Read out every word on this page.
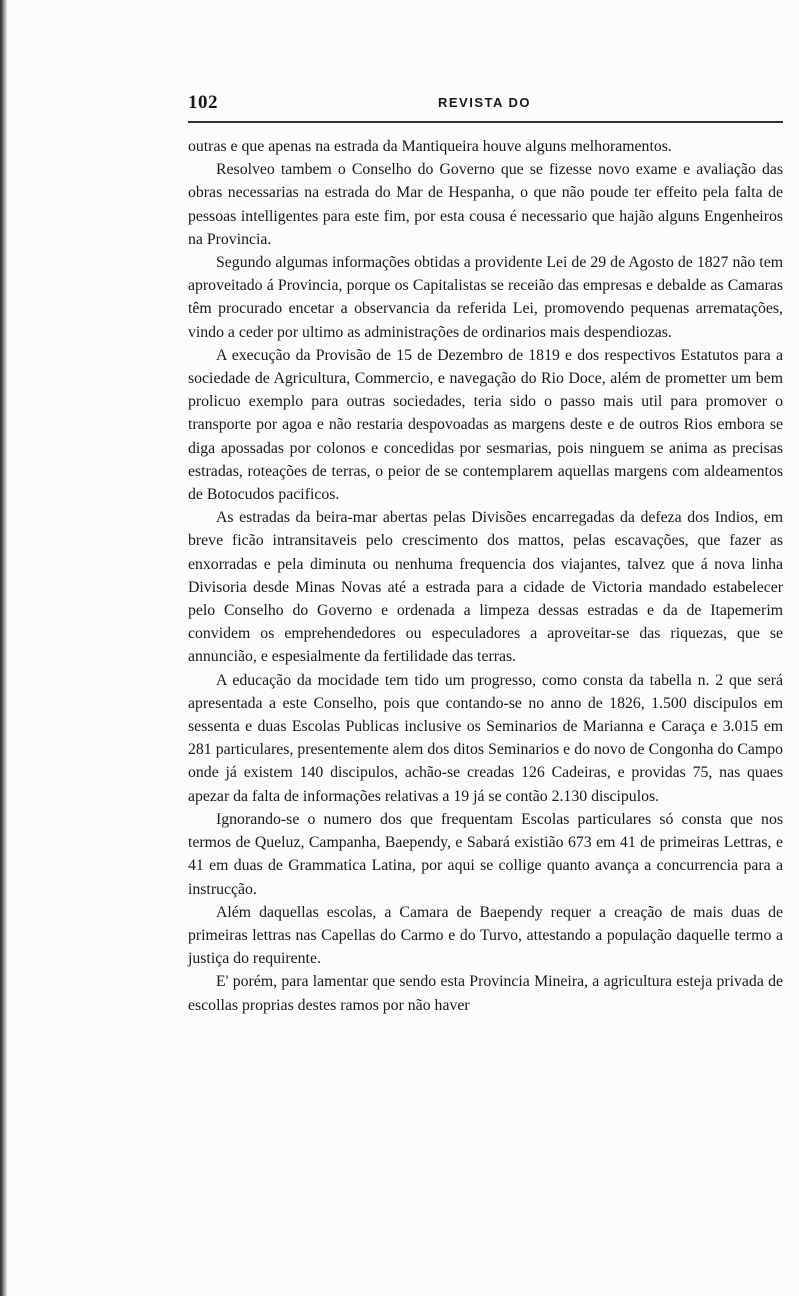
102	REVISTA DO

outras e que apenas na estrada da Mantiqueira houve alguns melhoramentos.

Resolveo tambem o Conselho do Governo que se fizesse novo exame e avaliação das obras necessarias na estrada do Mar de Hespanha, o que não poude ter effeito pela falta de pessoas intelligentes para este fim, por esta cousa é necessario que hajão alguns Engenheiros na Provincia.

Segundo algumas informações obtidas a providente Lei de 29 de Agosto de 1827 não tem aproveitado á Provincia, porque os Capitalistas se receião das empresas e debalde as Camaras têm procurado encetar a observancia da referida Lei, promovendo pequenas arrematações, vindo a ceder por ultimo as administrações de ordinarios mais despendiozas.

A execução da Provisão de 15 de Dezembro de 1819 e dos respectivos Estatutos para a sociedade de Agricultura, Commercio, e navegação do Rio Doce, além de prometter um bem prolicuo exemplo para outras sociedades, teria sido o passo mais util para promover o transporte por agoa e não restaria despovoadas as margens deste e de outros Rios embora se diga apossadas por colonos e concedidas por sesmarias, pois ninguem se anima as precisas estradas, roteações de terras, o peior de se contemplarem aquellas margens com aldeamentos de Botocudos pacificos.

As estradas da beira-mar abertas pelas Divisões encarregadas da defeza dos Indios, em breve ficão intransitaveis pelo crescimento dos mattos, pelas escavações, que fazer as enxorradas e pela diminuta ou nenhuma frequencia dos viajantes, talvez que á nova linha Divisoria desde Minas Novas até a estrada para a cidade de Victoria mandado estabelecer pelo Conselho do Governo e ordenada a limpeza dessas estradas e da de Itapemerim convidem os emprehendedores ou especuladores a aproveitar-se das riquezas, que se annuncião, e espesialmente da fertilidade das terras.

A educação da mocidade tem tido um progresso, como consta da tabella n. 2 que será apresentada a este Conselho, pois que contando-se no anno de 1826, 1.500 discipulos em sessenta e duas Escolas Publicas inclusive os Seminarios de Marianna e Caraça e 3.015 em 281 particulares, presentemente alem dos ditos Seminarios e do novo de Congonha do Campo onde já existem 140 discipulos, achão-se creadas 126 Cadeiras, e providas 75, nas quaes apezar da falta de informações relativas a 19 já se contão 2.130 discipulos.

Ignorando-se o numero dos que frequentam Escolas particulares só consta que nos termos de Queluz, Campanha, Baependy, e Sabará existião 673 em 41 de primeiras Lettras, e 41 em duas de Grammatica Latina, por aqui se collige quanto avança a concurrencia para a instrucção.

Além daquellas escolas, a Camara de Baependy requer a creação de mais duas de primeiras lettras nas Capellas do Carmo e do Turvo, attestando a população daquelle termo a justiça do requirente.

E' porém, para lamentar que sendo esta Provincia Mineira, a agricultura esteja privada de escollas proprias destes ramos por não haver
